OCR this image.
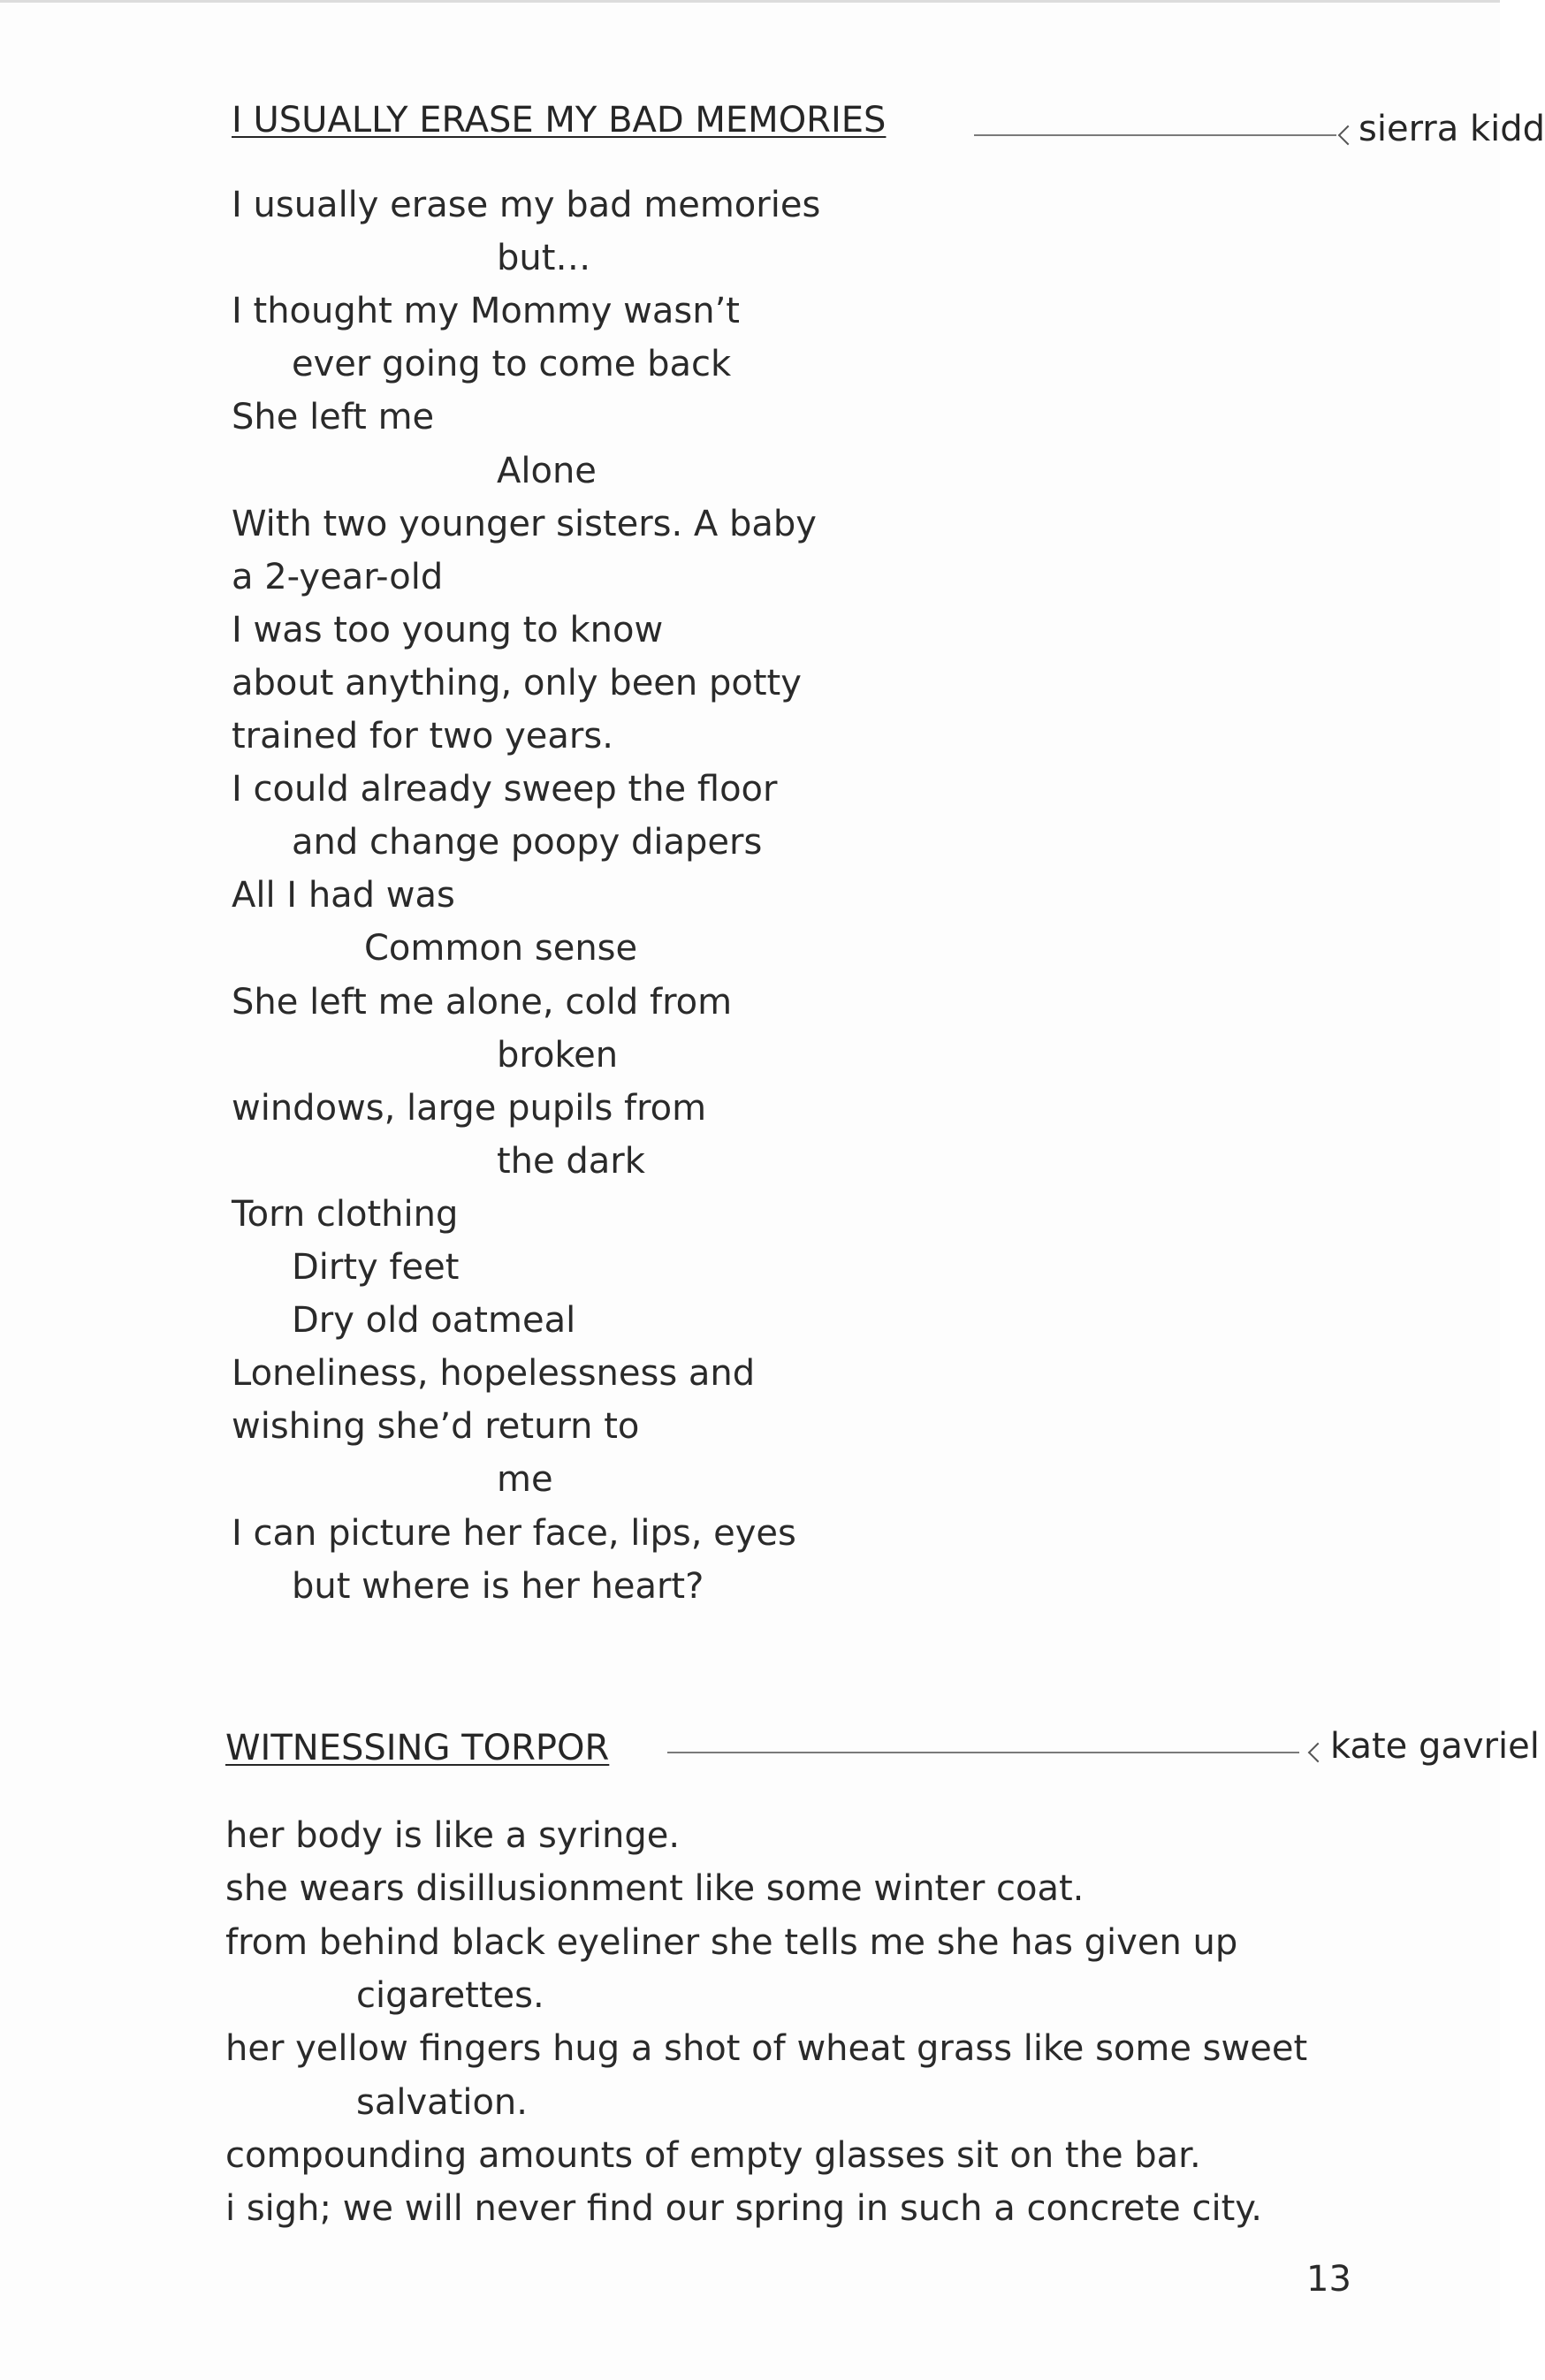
I USUALLY ERASE MY BAD MEMORIES	sierra kidd
I usually erase my bad memories
but…
I thought my Mommy wasn’t
ever going to come back
She left me
Alone
With two younger sisters. A baby
a 2-year-old
I was too young to know
about anything, only been potty
trained for two years.
I could already sweep the floor
and change poopy diapers
All I had was
Common sense
She left me alone, cold from
broken
windows, large pupils from
the dark
Torn clothing
Dirty feet
Dry old oatmeal
Loneliness, hopelessness and
wishing she’d return to
me
I can picture her face, lips, eyes
but where is her heart?
WITNESSING TORPOR	kate gavriel
her body is like a syringe.
she wears disillusionment like some winter coat.
from behind black eyeliner she tells me she has given up
cigarettes.
her yellow fingers hug a shot of wheat grass like some sweet
salvation.
compounding amounts of empty glasses sit on the bar.
i sigh; we will never find our spring in such a concrete city.
13
